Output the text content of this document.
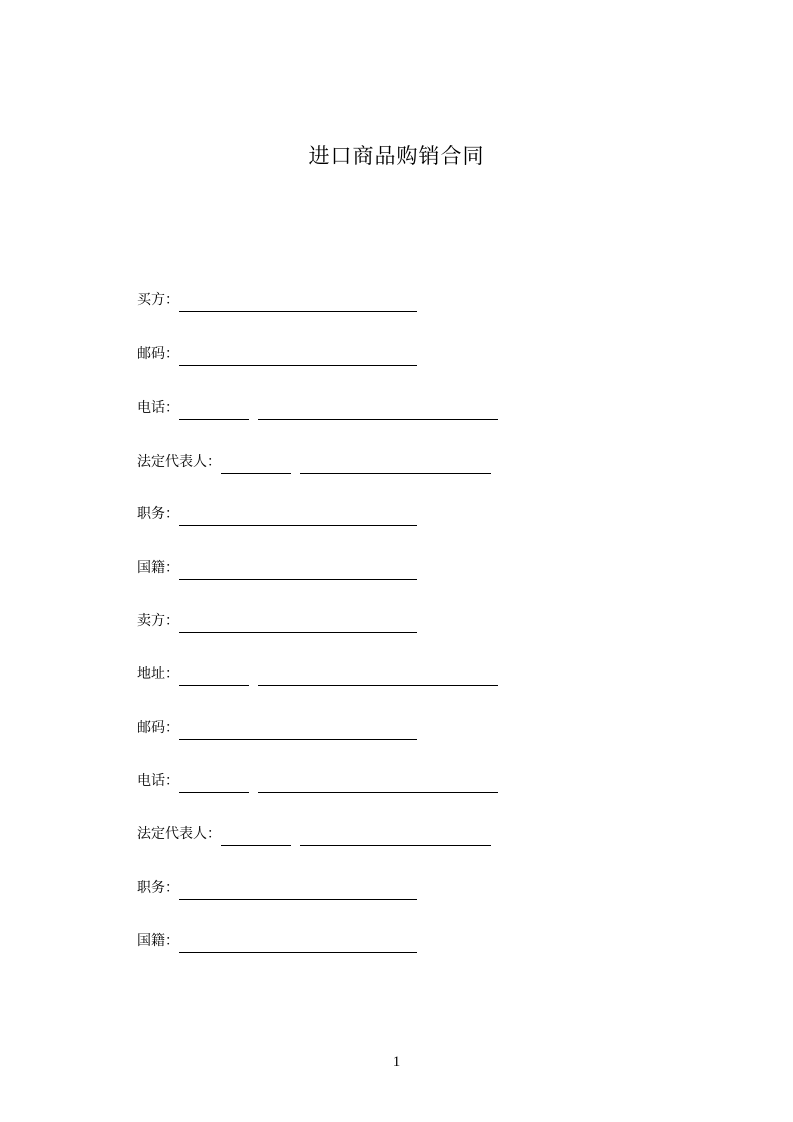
进口商品购销合同
买方：
邮码：
电话：
法定代表人：
职务：
国籍：
卖方：
地址：
邮码：
电话：
法定代表人：
职务：
国籍：
1
